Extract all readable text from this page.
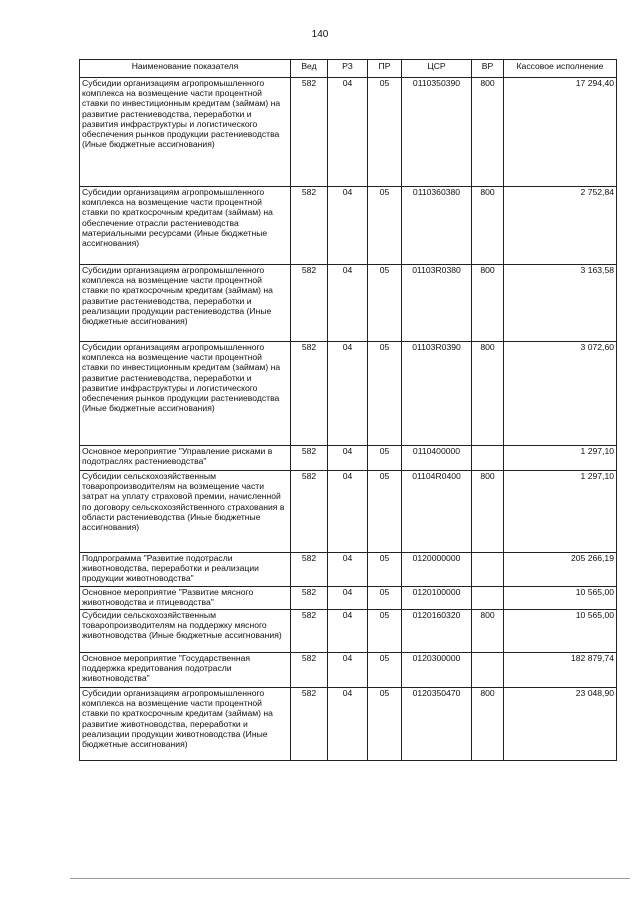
140
Наименование показателя	Вед	РЗ	ПР	ЦСР	ВР	Кассовое исполнение
Субсидии организациям агропромышленного комплекса на возмещение части процентной ставки по инвестиционным кредитам (займам) на развитие растениеводства, переработки и развития инфраструктуры и логистического обеспечения рынков продукции растениеводства (Иные бюджетные ассигнования)	582	04	05	0110350390	800	17 294,40
Субсидии организациям агропромышленного комплекса на возмещение части процентной ставки по краткосрочным кредитам (займам) на обеспечение отрасли растениеводства материальными ресурсами (Иные бюджетные ассигнования)	582	04	05	0110360380	800	2 752,84
Субсидии организациям агропромышленного комплекса на возмещение части процентной ставки по краткосрочным кредитам (займам) на развитие растениеводства, переработки и реализации продукции растениеводства (Иные бюджетные ассигнования)	582	04	05	01103R0380	800	3 163,58
Субсидии организациям агропромышленного комплекса на возмещение части процентной ставки по инвестиционным кредитам (займам) на развитие растениеводства, переработки и развитие инфраструктуры и логистического обеспечения рынков продукции растениеводства (Иные бюджетные ассигнования)	582	04	05	01103R0390	800	3 072,60
Основное мероприятие "Управление рисками в подотраслях растениеводства"	582	04	05	0110400000		1 297,10
Субсидии сельскохозяйственным товаропроизводителям на возмещение части затрат на уплату страховой премии, начисленной по договору сельскохозяйственного страхования в области растениеводства (Иные бюджетные ассигнования)	582	04	05	01104R0400	800	1 297,10
Подпрограмма "Развитие подотрасли животноводства, переработки и реализации продукции животноводства"	582	04	05	0120000000		205 266,19
Основное мероприятие "Развитие мясного животноводства и птицеводства"	582	04	05	0120100000		10 565,00
Субсидии сельскохозяйственным товаропроизводителям на поддержку мясного животноводства (Иные бюджетные ассигнования)	582	04	05	0120160320	800	10 565,00
Основное мероприятие "Государственная поддержка кредитования подотрасли животноводства"	582	04	05	0120300000		182 879,74
Субсидии организациям агропромышленного комплекса на возмещение части процентной ставки по краткосрочным кредитам (займам) на развитие животноводства, переработки и реализации продукции животноводства (Иные бюджетные ассигнования)	582	04	05	0120350470	800	23 048,90
